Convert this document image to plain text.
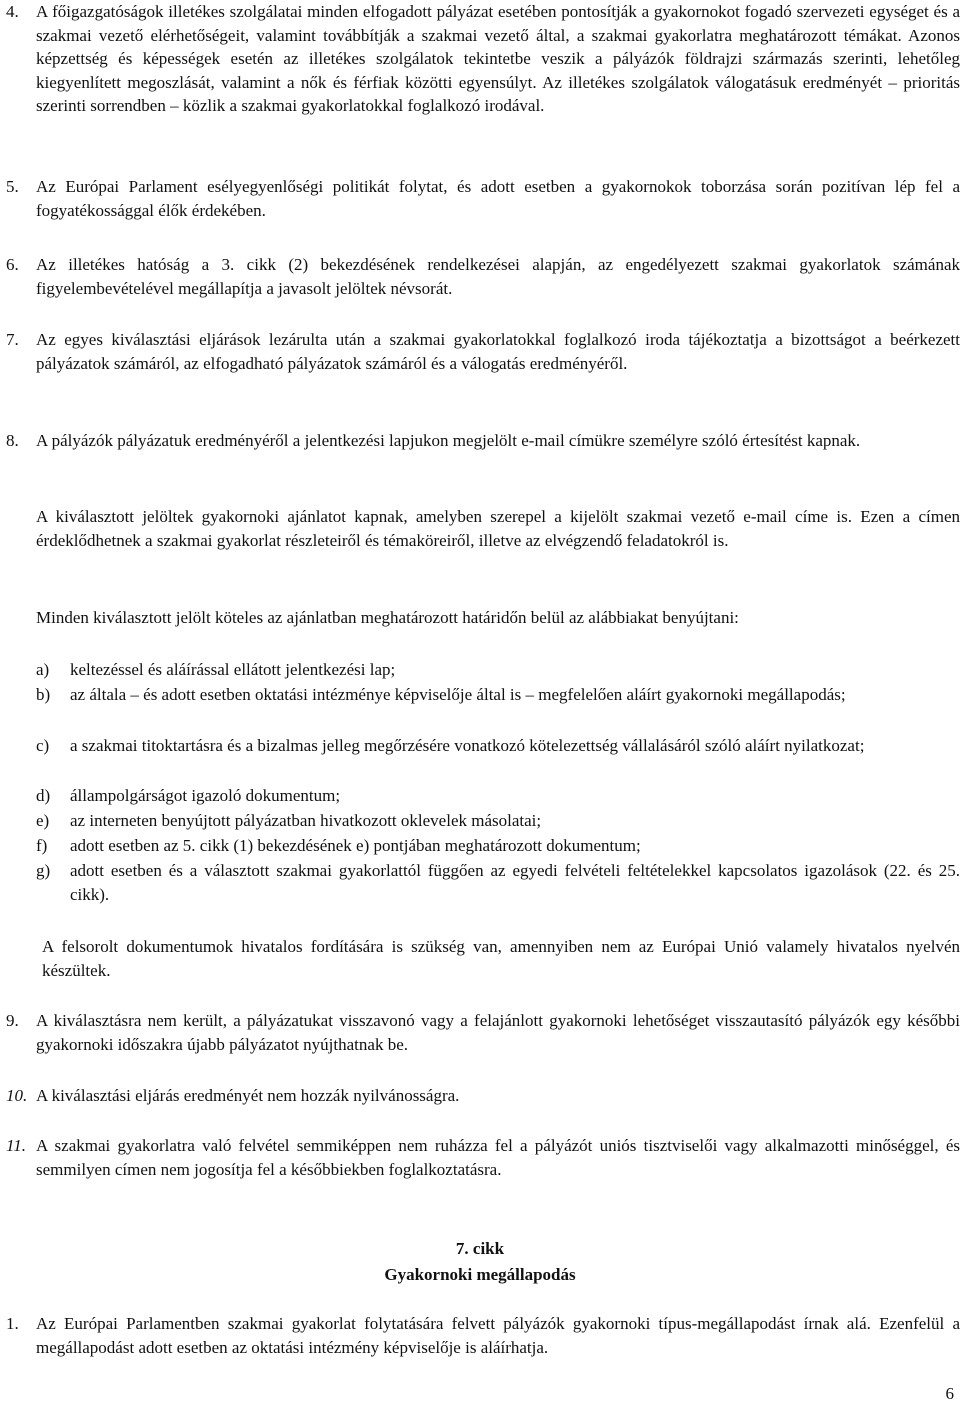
4. A főigazgatóságok illetékes szolgálatai minden elfogadott pályázat esetében pontosítják a gyakornokot fogadó szervezeti egységet és a szakmai vezető elérhetőségeit, valamint továbbítják a szakmai vezető által, a szakmai gyakorlatra meghatározott témákat. Azonos képzettség és képességek esetén az illetékes szolgálatok tekintetbe veszik a pályázók földrajzi származás szerinti, lehetőleg kiegyenlített megoszlását, valamint a nők és férfiak közötti egyensúlyt. Az illetékes szolgálatok válogatásuk eredményét – prioritás szerinti sorrendben – közlik a szakmai gyakorlatokkal foglalkozó irodával.
5. Az Európai Parlament esélyegyenlőségi politikát folytat, és adott esetben a gyakornokok toborzása során pozitívan lép fel a fogyatékossággal élők érdekében.
6. Az illetékes hatóság a 3. cikk (2) bekezdésének rendelkezései alapján, az engedélyezett szakmai gyakorlatok számának figyelembevételével megállapítja a javasolt jelöltek névsorát.
7. Az egyes kiválasztási eljárások lezárulta után a szakmai gyakorlatokkal foglalkozó iroda tájékoztatja a bizottságot a beérkezett pályázatok számáról, az elfogadható pályázatok számáról és a válogatás eredményéről.
8. A pályázók pályázatuk eredményéről a jelentkezési lapjukon megjelölt e-mail címükre személyre szóló értesítést kapnak.
A kiválasztott jelöltek gyakornoki ajánlatot kapnak, amelyben szerepel a kijelölt szakmai vezető e-mail címe is. Ezen a címen érdeklődhetnek a szakmai gyakorlat részleteiről és témaköreiről, illetve az elvégzendő feladatokról is.
Minden kiválasztott jelölt köteles az ajánlatban meghatározott határidőn belül az alábbiakat benyújtani:
a) keltezéssel és aláírással ellátott jelentkezési lap;
b) az általa – és adott esetben oktatási intézménye képviselője által is – megfelelően aláírt gyakornoki megállapodás;
c) a szakmai titoktartásra és a bizalmas jelleg megőrzésére vonatkozó kötelezettség vállalásáról szóló aláírt nyilatkozat;
d) állampolgárságot igazoló dokumentum;
e) az interneten benyújtott pályázatban hivatkozott oklevelek másolatai;
f) adott esetben az 5. cikk (1) bekezdésének e) pontjában meghatározott dokumentum;
g) adott esetben és a választott szakmai gyakorlattól függően az egyedi felvételi feltételekkel kapcsolatos igazolások (22. és 25. cikk).
A felsorolt dokumentumok hivatalos fordítására is szükség van, amennyiben nem az Európai Unió valamely hivatalos nyelvén készültek.
9. A kiválasztásra nem került, a pályázatukat visszavonó vagy a felajánlott gyakornoki lehetőséget visszautasító pályázók egy későbbi gyakornoki időszakra újabb pályázatot nyújthatnak be.
10. A kiválasztási eljárás eredményét nem hozzák nyilvánosságra.
11. A szakmai gyakorlatra való felvétel semmiképpen nem ruházza fel a pályázót uniós tisztviselői vagy alkalmazotti minőséggel, és semmilyen címen nem jogosítja fel a későbbiekben foglalkoztatásra.
7. cikk
Gyakornoki megállapodás
1. Az Európai Parlamentben szakmai gyakorlat folytatására felvett pályázók gyakornoki típus-megállapodást írnak alá. Ezenfelül a megállapodást adott esetben az oktatási intézmény képviselője is aláírhatja.
6
